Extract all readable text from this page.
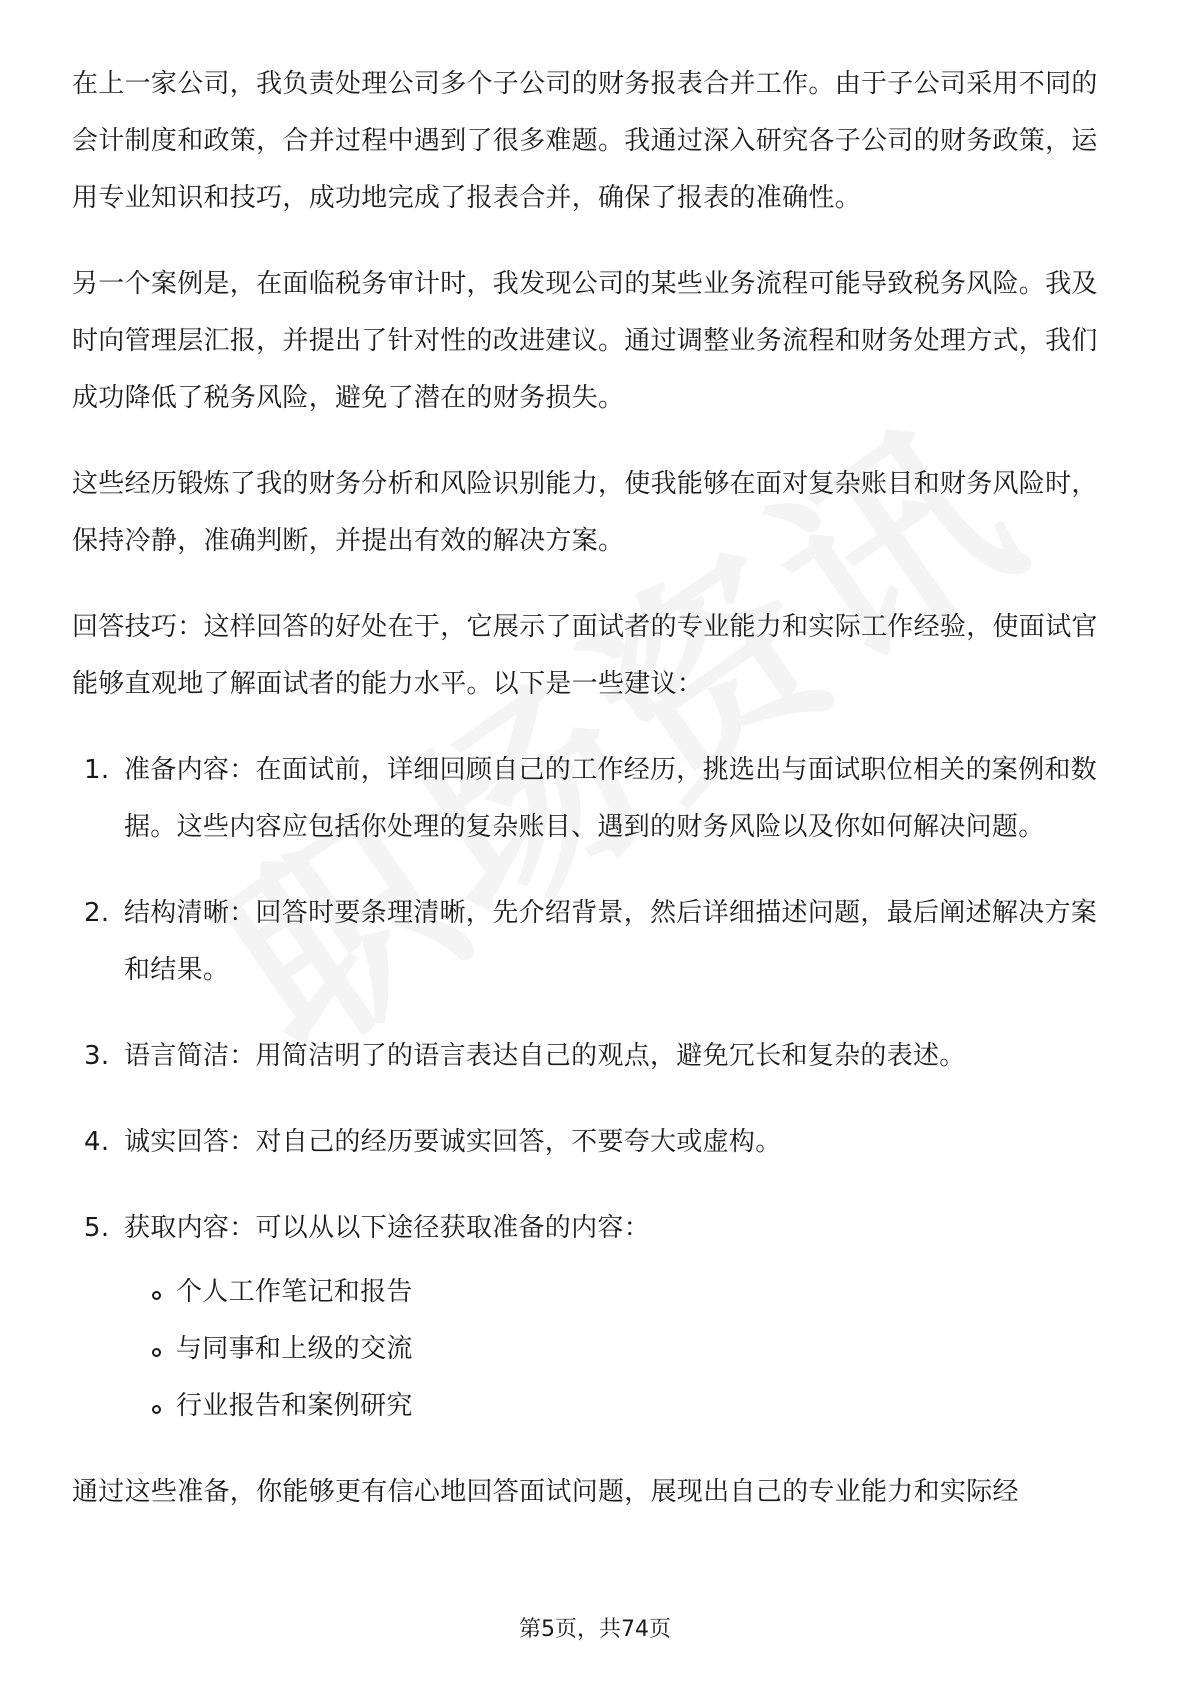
在上一家公司，我负责处理公司多个子公司的财务报表合并工作。由于子公司采用不同的会计制度和政策，合并过程中遇到了很多难题。我通过深入研究各子公司的财务政策，运用专业知识和技巧，成功地完成了报表合并，确保了报表的准确性。

另一个案例是，在面临税务审计时，我发现公司的某些业务流程可能导致税务风险。我及时向管理层汇报，并提出了针对性的改进建议。通过调整业务流程和财务处理方式，我们成功降低了税务风险，避免了潜在的财务损失。

这些经历锻炼了我的财务分析和风险识别能力，使我能够在面对复杂账目和财务风险时，保持冷静，准确判断，并提出有效的解决方案。

回答技巧：这样回答的好处在于，它展示了面试者的专业能力和实际工作经验，使面试官能够直观地了解面试者的能力水平。以下是一些建议：

1. 准备内容：在面试前，详细回顾自己的工作经历，挑选出与面试职位相关的案例和数据。这些内容应包括你处理的复杂账目、遇到的财务风险以及你如何解决问题。
2. 结构清晰：回答时要条理清晰，先介绍背景，然后详细描述问题，最后阐述解决方案和结果。
3. 语言简洁：用简洁明了的语言表达自己的观点，避免冗长和复杂的表述。
4. 诚实回答：对自己的经历要诚实回答，不要夸大或虚构。
5. 获取内容：可以从以下途径获取准备的内容：
个人工作笔记和报告
与同事和上级的交流
行业报告和案例研究

通过这些准备，你能够更有信心地回答面试问题，展现出自己的专业能力和实际经

第5页，共74页
